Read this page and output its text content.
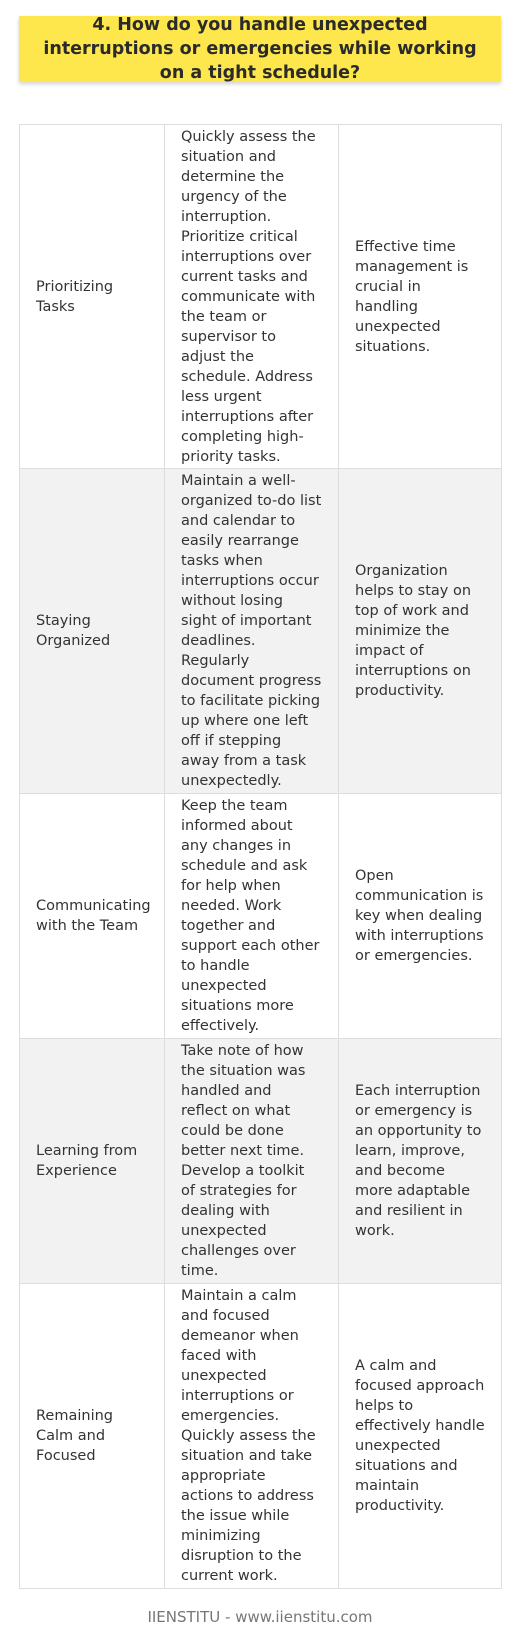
4. How do you handle unexpected interruptions or emergencies while working on a tight schedule?
Prioritizing Tasks	Quickly assess the situation and determine the urgency of the interruption. Prioritize critical interruptions over current tasks and communicate with the team or supervisor to adjust the schedule. Address less urgent interruptions after completing high-priority tasks.	Effective time management is crucial in handling unexpected situations.
Staying Organized	Maintain a well-organized to-do list and calendar to easily rearrange tasks when interruptions occur without losing sight of important deadlines. Regularly document progress to facilitate picking up where one left off if stepping away from a task unexpectedly.	Organization helps to stay on top of work and minimize the impact of interruptions on productivity.
Communicating with the Team	Keep the team informed about any changes in schedule and ask for help when needed. Work together and support each other to handle unexpected situations more effectively.	Open communication is key when dealing with interruptions or emergencies.
Learning from Experience	Take note of how the situation was handled and reflect on what could be done better next time. Develop a toolkit of strategies for dealing with unexpected challenges over time.	Each interruption or emergency is an opportunity to learn, improve, and become more adaptable and resilient in work.
Remaining Calm and Focused	Maintain a calm and focused demeanor when faced with unexpected interruptions or emergencies. Quickly assess the situation and take appropriate actions to address the issue while minimizing disruption to the current work.	A calm and focused approach helps to effectively handle unexpected situations and maintain productivity.
IIENSTITU - www.iienstitu.com
